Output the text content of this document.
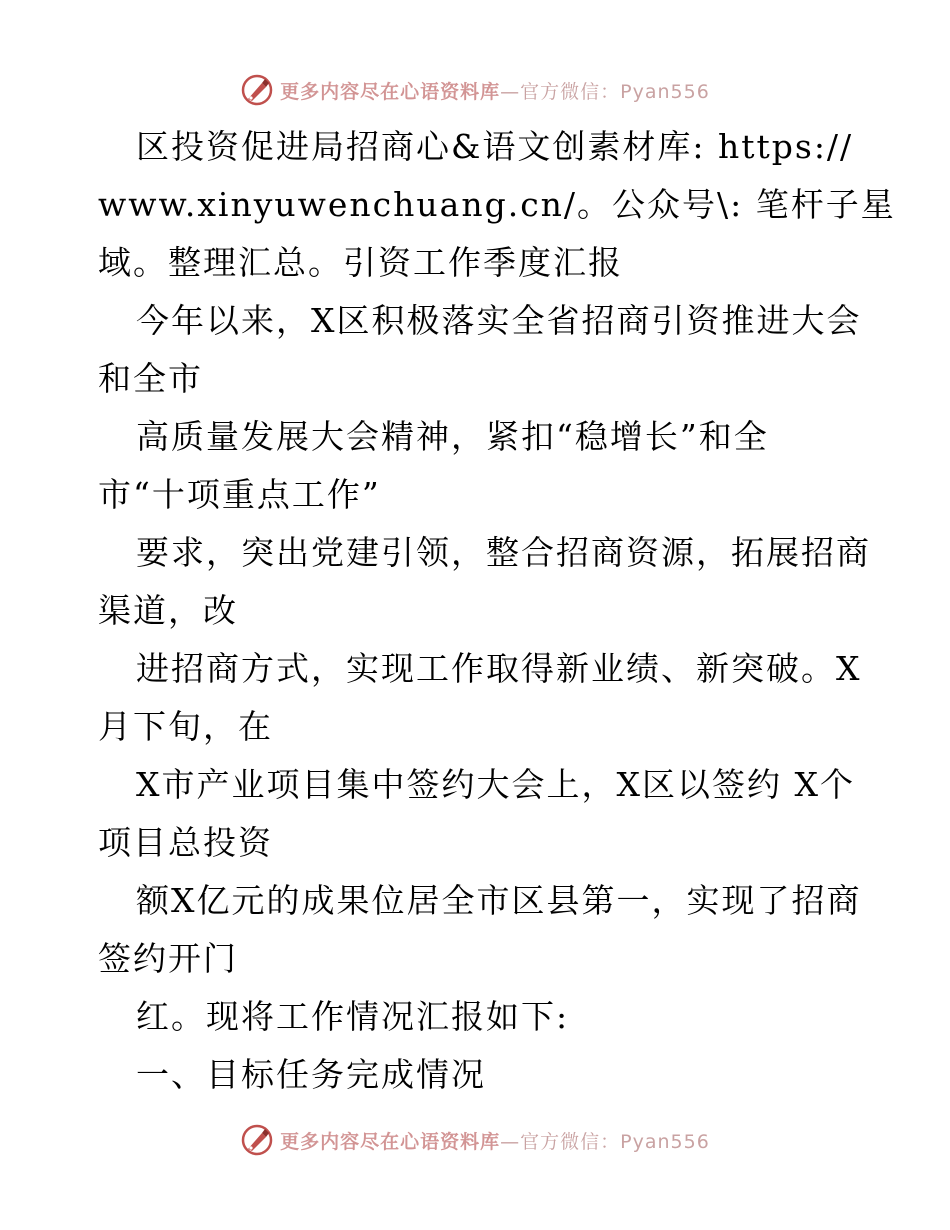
更多内容尽在心语资料库—官方微信：Pyan556
区投资促进局招商心&语文创素材库: https://
www.xinyuwenchuang.cn/。公众号\: 笔杆子星
域。整理汇总。引资工作季度汇报
今年以来，X区积极落实全省招商引资推进大会
和全市
高质量发展大会精神，紧扣“稳增长”和全
市“十项重点工作”
要求，突出党建引领，整合招商资源，拓展招商
渠道，改
进招商方式，实现工作取得新业绩、新突破。X
月下旬，在
X市产业项目集中签约大会上，X区以签约 X个
项目总投资
额X亿元的成果位居全市区县第一，实现了招商
签约开门
红。现将工作情况汇报如下:
一、目标任务完成情况
更多内容尽在心语资料库—官方微信：Pyan556
